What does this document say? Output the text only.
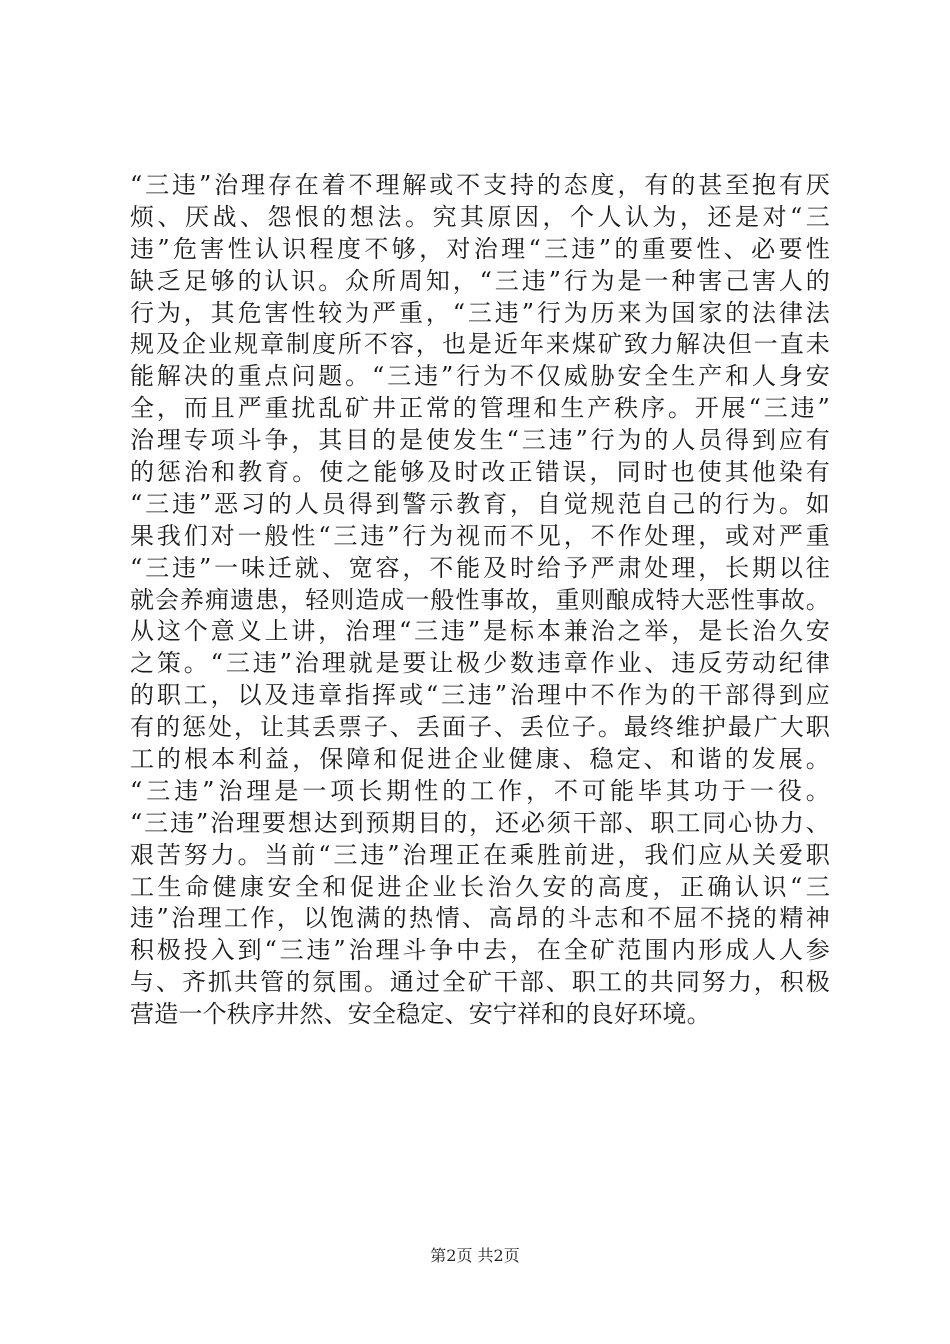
“三违”治理存在着不理解或不支持的态度，有的甚至抱有厌
烦、厌战、怨恨的想法。究其原因，个人认为，还是对“三
违”危害性认识程度不够，对治理“三违”的重要性、必要性
缺乏足够的认识。众所周知，“三违”行为是一种害己害人的
行为，其危害性较为严重，“三违”行为历来为国家的法律法
规及企业规章制度所不容，也是近年来煤矿致力解决但一直未
能解决的重点问题。“三违”行为不仅威胁安全生产和人身安
全，而且严重扰乱矿井正常的管理和生产秩序。开展“三违”
治理专项斗争，其目的是使发生“三违”行为的人员得到应有
的惩治和教育。使之能够及时改正错误，同时也使其他染有
“三违”恶习的人员得到警示教育，自觉规范自己的行为。如
果我们对一般性“三违”行为视而不见，不作处理，或对严重
“三违”一味迁就、宽容，不能及时给予严肃处理，长期以往
就会养痈遗患，轻则造成一般性事故，重则酿成特大恶性事故。
从这个意义上讲，治理“三违”是标本兼治之举，是长治久安
之策。“三违”治理就是要让极少数违章作业、违反劳动纪律
的职工，以及违章指挥或“三违”治理中不作为的干部得到应
有的惩处，让其丢票子、丢面子、丢位子。最终维护最广大职
工的根本利益，保障和促进企业健康、稳定、和谐的发展。
“三违”治理是一项长期性的工作，不可能毕其功于一役。
“三违”治理要想达到预期目的，还必须干部、职工同心协力、
艰苦努力。当前“三违”治理正在乘胜前进，我们应从关爱职
工生命健康安全和促进企业长治久安的高度，正确认识“三
违”治理工作，以饱满的热情、高昂的斗志和不屈不挠的精神
积极投入到“三违”治理斗争中去，在全矿范围内形成人人参
与、齐抓共管的氛围。通过全矿干部、职工的共同努力，积极
营造一个秩序井然、安全稳定、安宁祥和的良好环境。
第2页 共2页
